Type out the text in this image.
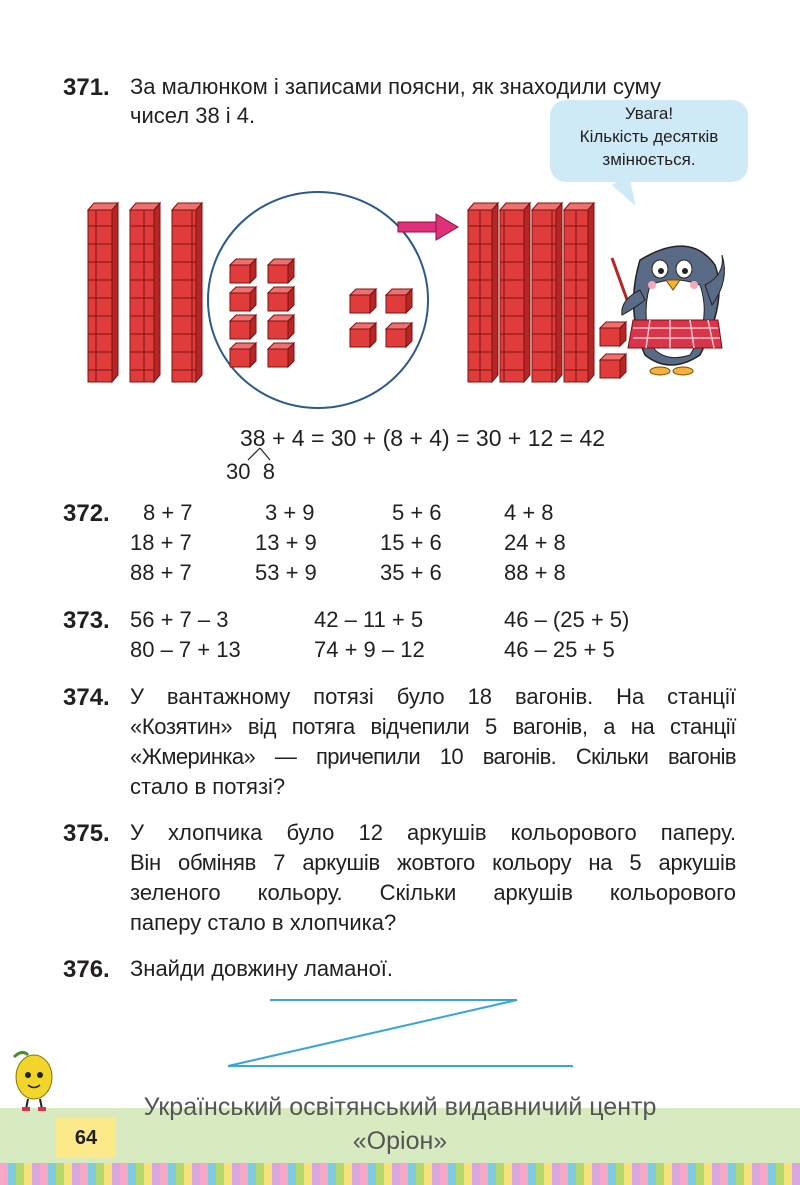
371. За малюнком і записами поясни, як знаходили суму
чисел 38 і 4.	Увага!
Кількість десятків
змінюється.
38 + 4 = 30 + (8 + 4) = 30 + 12 = 42
30  8
372. 8 + 7	3 + 9	5 + 6	4 + 8
18 + 7	13 + 9	15 + 6	24 + 8
88 + 7	53 + 9	35 + 6	88 + 8
373. 56 + 7 – 3	42 – 11 + 5	46 – (25 + 5)
80 – 7 + 13	74 + 9 – 12	46 – 25 + 5
374. У вантажному потязі було 18 вагонів. На станції
«Козятин» від потяга відчепили 5 вагонів, а на станції
«Жмеринка» — причепили 10 вагонів. Скільки вагонів
стало в потязі?
375. У хлопчика було 12 аркушів кольорового паперу.
Він обміняв 7 аркушів жовтого кольору на 5 аркушів
зеленого кольору. Скільки аркушів кольорового
паперу стало в хлопчика?
376. Знайди довжину ламаної.
64
Український освітянський видавничий центр
«Оріон»
